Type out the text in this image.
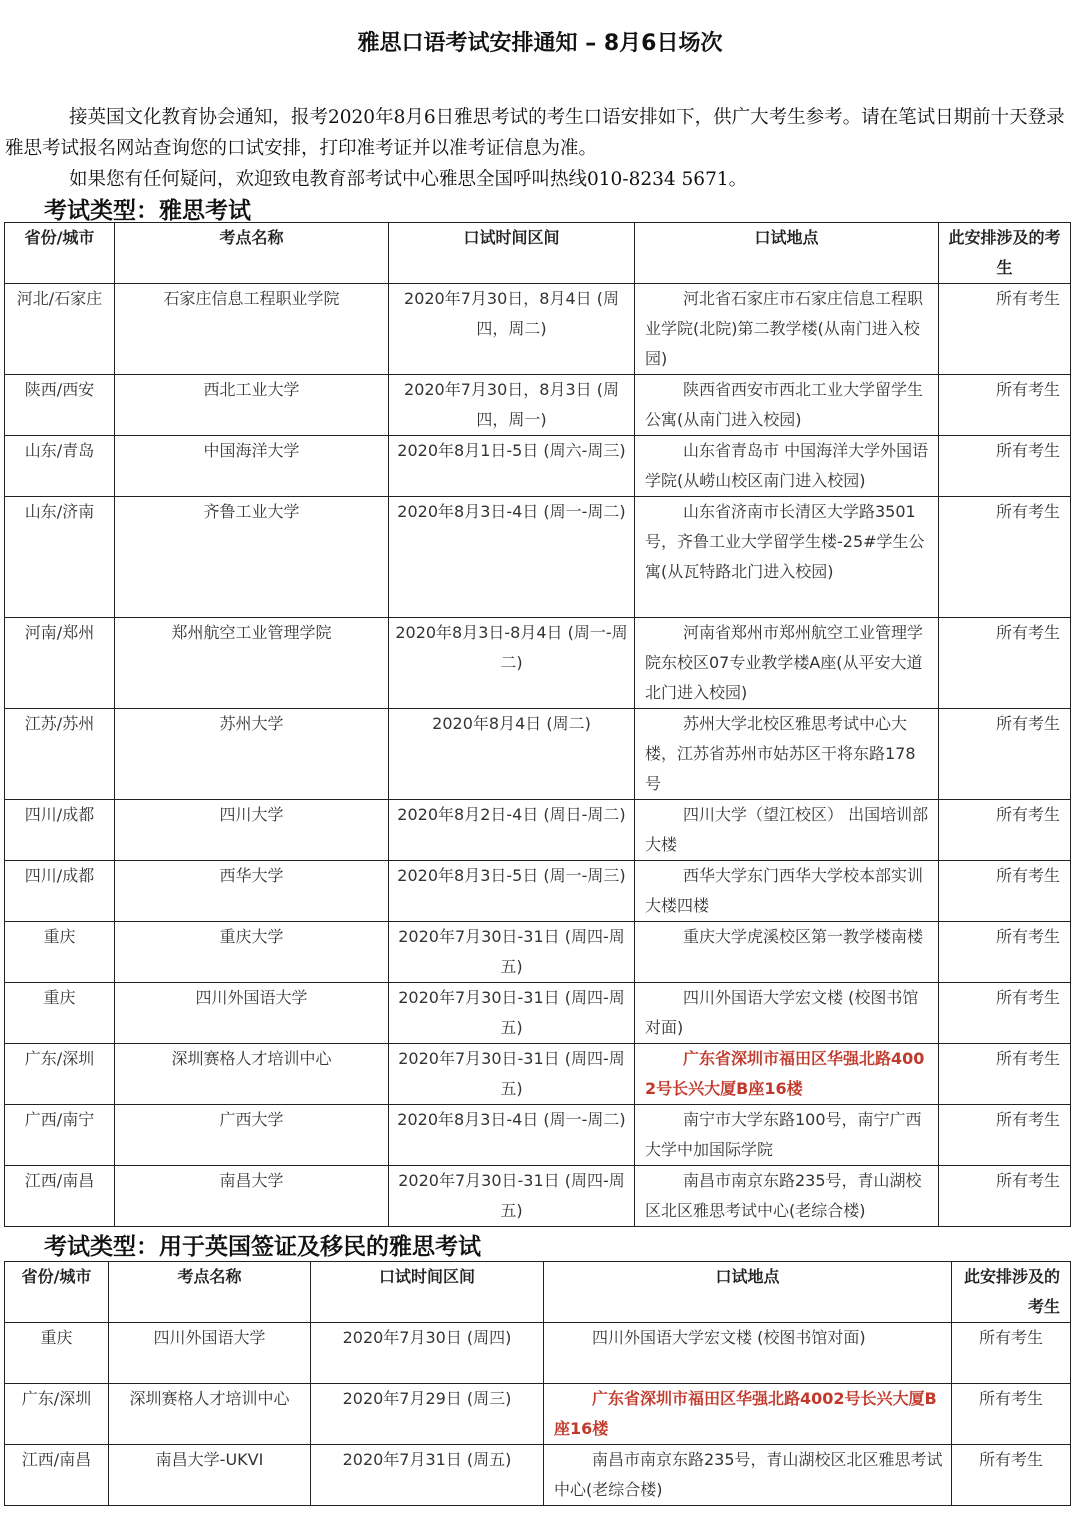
雅思口语考试安排通知 – 8月6日场次
接英国文化教育协会通知，报考2020年8月6日雅思考试的考生口语安排如下，供广大考生参考。请在笔试日期前十天登录雅思考试报名网站查询您的口试安排，打印准考证并以准考证信息为准。
如果您有任何疑问，欢迎致电教育部考试中心雅思全国呼叫热线010-8234 5671。
考试类型：雅思考试
省份/城市	考点名称	口试时间区间	口试地点	此安排涉及的考生
河北/石家庄	石家庄信息工程职业学院	2020年7月30日，8月4日 (周四，周二)	河北省石家庄市石家庄信息工程职业学院(北院)第二教学楼(从南门进入校园)	所有考生
陕西/西安	西北工业大学	2020年7月30日，8月3日 (周四，周一)	陕西省西安市西北工业大学留学生公寓(从南门进入校园)	所有考生
山东/青岛	中国海洋大学	2020年8月1日-5日 (周六-周三)	山东省青岛市 中国海洋大学外国语学院(从崂山校区南门进入校园)	所有考生
山东/济南	齐鲁工业大学	2020年8月3日-4日 (周一-周二)	山东省济南市长清区大学路3501号，齐鲁工业大学留学生楼-25#学生公寓(从瓦特路北门进入校园)	所有考生
河南/郑州	郑州航空工业管理学院	2020年8月3日-8月4日 (周一-周二)	河南省郑州市郑州航空工业管理学院东校区07专业教学楼A座(从平安大道北门进入校园)	所有考生
江苏/苏州	苏州大学	2020年8月4日 (周二)	苏州大学北校区雅思考试中心大楼，江苏省苏州市姑苏区干将东路178号	所有考生
四川/成都	四川大学	2020年8月2日-4日 (周日-周二)	四川大学（望江校区） 出国培训部大楼	所有考生
四川/成都	西华大学	2020年8月3日-5日 (周一-周三)	西华大学东门西华大学校本部实训大楼四楼	所有考生
重庆	重庆大学	2020年7月30日-31日 (周四-周五)	重庆大学虎溪校区第一教学楼南楼	所有考生
重庆	四川外国语大学	2020年7月30日-31日 (周四-周五)	四川外国语大学宏文楼 (校图书馆对面)	所有考生
广东/深圳	深圳赛格人才培训中心	2020年7月30日-31日 (周四-周五)	广东省深圳市福田区华强北路4002号长兴大厦B座16楼	所有考生
广西/南宁	广西大学	2020年8月3日-4日 (周一-周二)	南宁市大学东路100号，南宁广西大学中加国际学院	所有考生
江西/南昌	南昌大学	2020年7月30日-31日 (周四-周五)	南昌市南京东路235号，青山湖校区北区雅思考试中心(老综合楼)	所有考生
考试类型：用于英国签证及移民的雅思考试
省份/城市	考点名称	口试时间区间	口试地点	此安排涉及的考生
重庆	四川外国语大学	2020年7月30日 (周四)	四川外国语大学宏文楼 (校图书馆对面)	所有考生
广东/深圳	深圳赛格人才培训中心	2020年7月29日 (周三)	广东省深圳市福田区华强北路4002号长兴大厦B座16楼	所有考生
江西/南昌	南昌大学-UKVI	2020年7月31日 (周五)	南昌市南京东路235号，青山湖校区北区雅思考试中心(老综合楼)	所有考生
